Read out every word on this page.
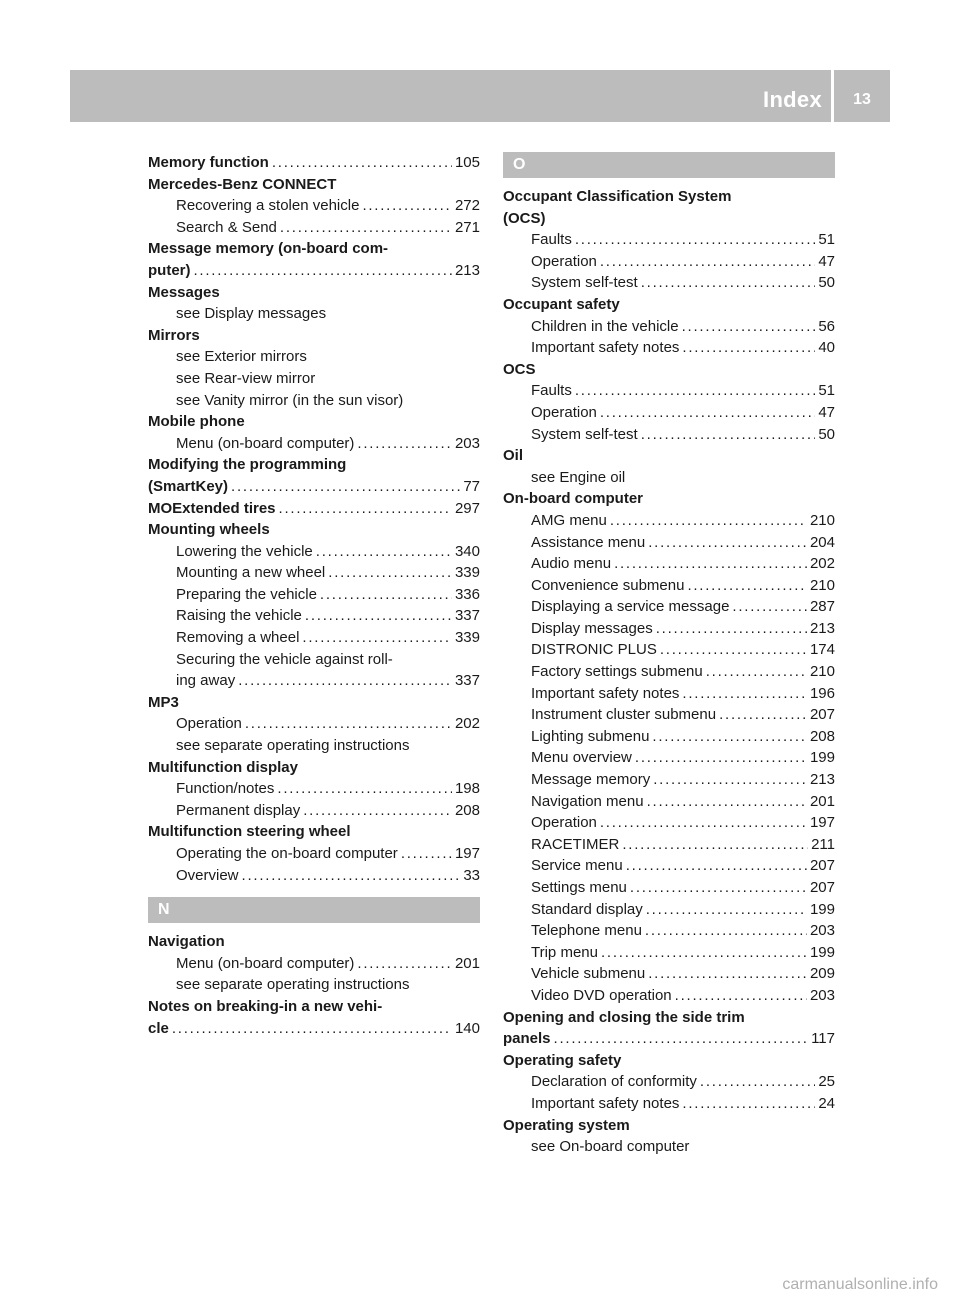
Index	13
Memory function . . .	105
Mercedes-Benz CONNECT
Recovering a stolen vehicle . . .	272
Search & Send . . .	271
Message memory (on-board com-
puter) . . .	213
Messages
see Display messages
Mirrors
see Exterior mirrors
see Rear-view mirror
see Vanity mirror (in the sun visor)
Mobile phone
Menu (on-board computer) . . .	203
Modifying the programming
(SmartKey) . . .	77
MOExtended tires . . .	297
Mounting wheels
Lowering the vehicle . . .	340
Mounting a new wheel . . .	339
Preparing the vehicle . . .	336
Raising the vehicle . . .	337
Removing a wheel . . .	339
Securing the vehicle against roll-
ing away . . .	337
MP3
Operation . . .	202
see separate operating instructions
Multifunction display
Function/notes . . .	198
Permanent display . . .	208
Multifunction steering wheel
Operating the on-board computer . . .	197
Overview . . .	33
N
Navigation
Menu (on-board computer) . . .	201
see separate operating instructions
Notes on breaking-in a new vehi-
cle . . .	140
O
Occupant Classification System
(OCS)
Faults . . .	51
Operation . . .	47
System self-test . . .	50
Occupant safety
Children in the vehicle . . .	56
Important safety notes . . .	40
OCS
Faults . . .	51
Operation . . .	47
System self-test . . .	50
Oil
see Engine oil
On-board computer
AMG menu . . .	210
Assistance menu . . .	204
Audio menu . . .	202
Convenience submenu . . .	210
Displaying a service message . . .	287
Display messages . . .	213
DISTRONIC PLUS . . .	174
Factory settings submenu . . .	210
Important safety notes . . .	196
Instrument cluster submenu . . .	207
Lighting submenu . . .	208
Menu overview . . .	199
Message memory . . .	213
Navigation menu . . .	201
Operation . . .	197
RACETIMER . . .	211
Service menu . . .	207
Settings menu . . .	207
Standard display . . .	199
Telephone menu . . .	203
Trip menu . . .	199
Vehicle submenu . . .	209
Video DVD operation . . .	203
Opening and closing the side trim
panels . . .	117
Operating safety
Declaration of conformity . . .	25
Important safety notes . . .	24
Operating system
see On-board computer
carmanualsonline.info
